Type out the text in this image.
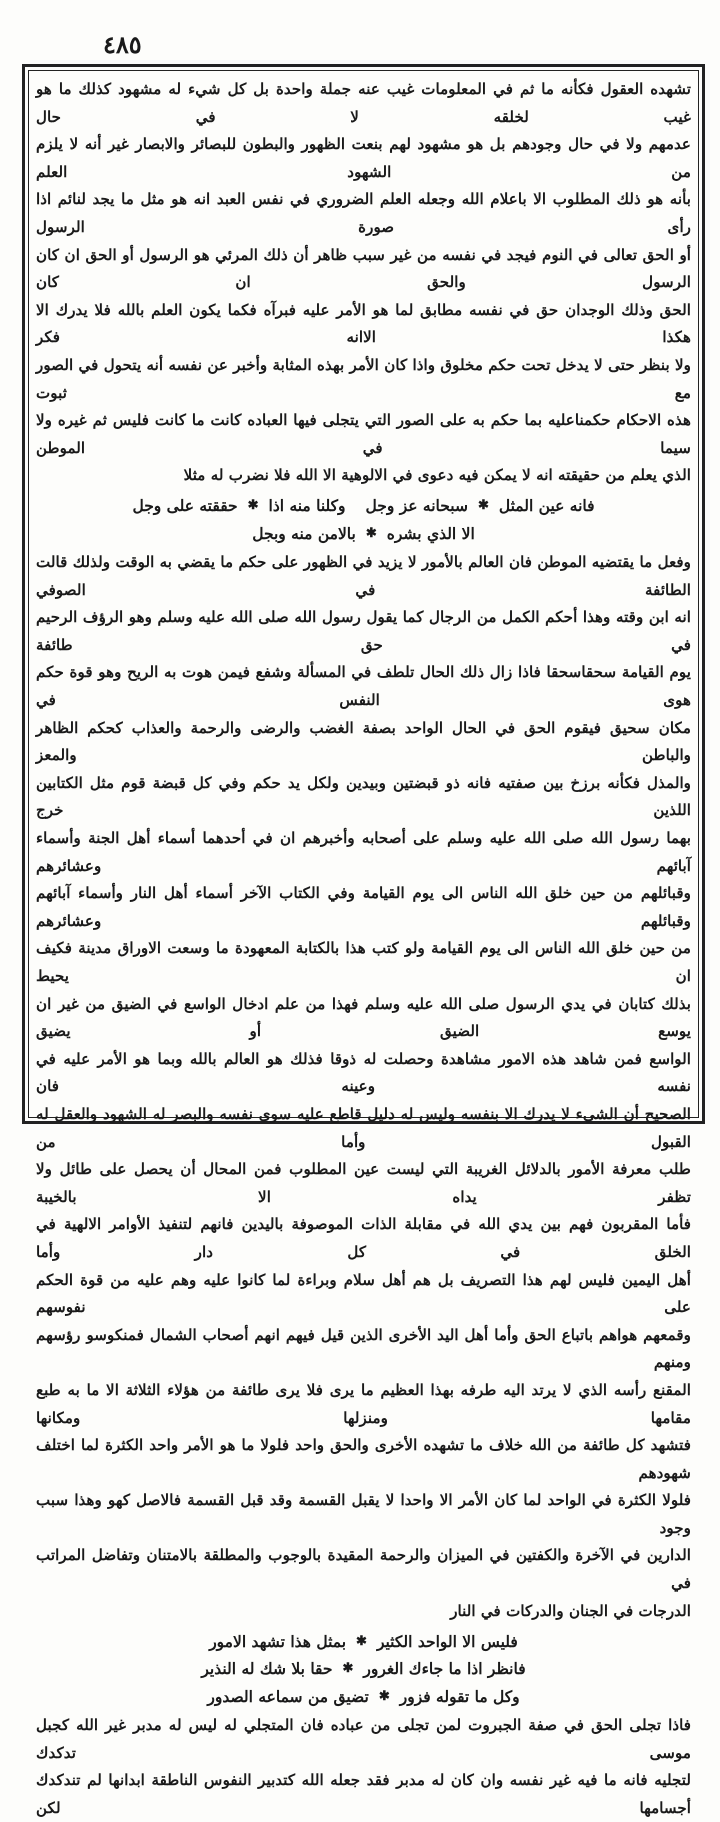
٤٨٥

تشهده العقول فكأنه ما ثم في المعلومات غيب عنه جملة واحدة بل كل شيء له مشهود كذلك ما هو غيب لخلقه لا في حال

عدمهم ولا في حال وجودهم بل هو مشهود لهم بنعت الظهور والبطون للبصائر والابصار غير أنه لا يلزم من الشهود العلم

بأنه هو ذلك المطلوب الا باعلام الله وجعله العلم الضروري في نفس العبد انه هو مثل ما يجد لنائم اذا رأى صورة الرسول

أو الحق تعالى في النوم فيجد في نفسه من غير سبب ظاهر أن ذلك المرئي هو الرسول أو الحق ان كان الرسول والحق ان كان

الحق وذلك الوجدان حق في نفسه مطابق لما هو الأمر عليه فبرآه فكما يكون العلم بالله فلا يدرك الا هكذا الاانه فكر

ولا بنظر حتى لا يدخل تحت حكم مخلوق واذا كان الأمر بهذه المثابة وأخبر عن نفسه أنه يتحول في الصور مع ثبوت

هذه الاحكام حكمناعليه بما حكم به على الصور التي يتجلى فيها العباده كانت ما كانت فليس ثم غيره ولا سيما في الموطن

الذي يعلم من حقيقته انه لا يمكن فيه دعوى في الالوهية الا الله فلا نضرب له مثلا

فانه عين المثل
✱
سبحانه عز وجل
وكلنا منه اذا
✱
حققته على وجل
الا الذي بشره
✱
بالامن منه وبجل

وفعل ما يقتضيه الموطن فان العالم بالأمور لا يزيد في الظهور على حكم ما يقضي به الوقت ولذلك قالت الطائفة في الصوفي

انه ابن وقته وهذا أحكم الكمل من الرجال كما يقول رسول الله صلى الله عليه وسلم وهو الرؤف الرحيم في حق طائفة

يوم القيامة سحقاسحقا فاذا زال ذلك الحال تلطف في المسألة وشفع فيمن هوت به الريح وهو قوة حكم هوى النفس في

مكان سحيق فيقوم الحق في الحال الواحد بصفة الغضب والرضى والرحمة والعذاب كحكم الظاهر والباطن والمعز

والمذل فكأنه برزخ بين صفتيه فانه ذو قبضتين وبيدين ولكل يد حكم وفي كل قبضة قوم مثل الكتابين اللذين خرج

بهما رسول الله صلى الله عليه وسلم على أصحابه وأخبرهم ان في أحدهما أسماء أهل الجنة وأسماء آبائهم وعشائرهم

وقبائلهم من حين خلق الله الناس الى يوم القيامة وفي الكتاب الآخر أسماء أهل النار وأسماء آبائهم وقبائلهم وعشائرهم

من حين خلق الله الناس الى يوم القيامة ولو كتب هذا بالكتابة المعهودة ما وسعت الاوراق مدينة فكيف ان يحيط

بذلك كتابان في يدي الرسول صلى الله عليه وسلم فهذا من علم ادخال الواسع في الضيق من غير ان يوسع الضيق أو يضيق

الواسع فمن شاهد هذه الامور مشاهدة وحصلت له ذوقا فذلك هو العالم بالله وبما هو الأمر عليه في نفسه وعينه فان

الصحيح أن الشيء لا يدرك الا بنفسه وليس له دليل قاطع عليه سوى نفسه والبصر له الشهود والعقل له القبول وأما من

طلب معرفة الأمور بالدلائل الغريبة التي ليست عين المطلوب فمن المحال أن يحصل على طائل ولا تظفر يداه الا بالخيبة

فأما المقربون فهم بين يدي الله في مقابلة الذات الموصوفة باليدين فانهم لتنفيذ الأوامر الالهية في الخلق في كل دار وأما

أهل اليمين فليس لهم هذا التصريف بل هم أهل سلام وبراءة لما كانوا عليه وهم عليه من قوة الحكم على نفوسهم

وقمعهم هواهم باتباع الحق وأما أهل اليد الأخرى الذين قيل فيهم انهم أصحاب الشمال فمنكوسو رؤسهم ومنهم

المقنع رأسه الذي لا يرتد اليه طرفه بهذا العظيم ما يرى فلا يرى طائفة من هؤلاء الثلاثة الا ما به طبع مقامها ومنزلها ومكانها

فتشهد كل طائفة من الله خلاف ما تشهده الأخرى والحق واحد فلولا ما هو الأمر واحد الكثرة لما اختلف شهودهم

فلولا الكثرة في الواحد لما كان الأمر الا واحدا لا يقبل القسمة وقد قبل القسمة فالاصل كهو وهذا سبب وجود

الدارين في الآخرة والكفتين في الميزان والرحمة المقيدة بالوجوب والمطلقة بالامتنان وتفاضل المراتب في

الدرجات في الجنان والدركات في النار

فليس الا الواحد الكثير
✱
بمثل هذا تشهد الامور
فانظر اذا ما جاءك الغرور
✱
حقا بلا شك له النذير
وكل ما تقوله فزور
✱
تضيق من سماعه الصدور

فاذا تجلى الحق في صفة الجبروت لمن تجلى من عباده فان المتجلي له ليس له مدبر غير الله كجبل موسى تدكدك

لتجليه فانه ما فيه غير نفسه وان كان له مدبر فقد جعله الله كتدبير النفوس الناطقة ابدانها لم تندكدك أجسامها لكن
